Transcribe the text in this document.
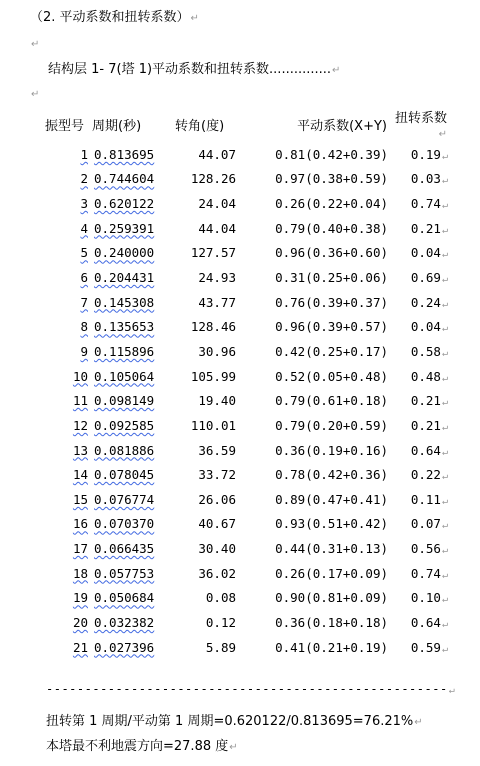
（2. 平动系数和扭转系数）↵
↵
结构层 1- 7(塔 1)平动系数和扭转系数...............↵
↵
振型号	周期(秒)	转角(度)	平动系数(X+Y)	扭转系数↵
1	0.813695	44.07	0.81(0.42+0.39)	0.19↵
2	0.744604	128.26	0.97(0.38+0.59)	0.03↵
3	0.620122	24.04	0.26(0.22+0.04)	0.74↵
4	0.259391	44.04	0.79(0.40+0.38)	0.21↵
5	0.240000	127.57	0.96(0.36+0.60)	0.04↵
6	0.204431	24.93	0.31(0.25+0.06)	0.69↵
7	0.145308	43.77	0.76(0.39+0.37)	0.24↵
8	0.135653	128.46	0.96(0.39+0.57)	0.04↵
9	0.115896	30.96	0.42(0.25+0.17)	0.58↵
10	0.105064	105.99	0.52(0.05+0.48)	0.48↵
11	0.098149	19.40	0.79(0.61+0.18)	0.21↵
12	0.092585	110.01	0.79(0.20+0.59)	0.21↵
13	0.081886	36.59	0.36(0.19+0.16)	0.64↵
14	0.078045	33.72	0.78(0.42+0.36)	0.22↵
15	0.076774	26.06	0.89(0.47+0.41)	0.11↵
16	0.070370	40.67	0.93(0.51+0.42)	0.07↵
17	0.066435	30.40	0.44(0.31+0.13)	0.56↵
18	0.057753	36.02	0.26(0.17+0.09)	0.74↵
19	0.050684	0.08	0.90(0.81+0.09)	0.10↵
20	0.032382	0.12	0.36(0.18+0.18)	0.64↵
21	0.027396	5.89	0.41(0.21+0.19)	0.59↵
----------------------------------------------------↵
扭转第 1 周期/平动第 1 周期=0.620122/0.813695=76.21%↵
本塔最不利地震方向=27.88 度↵
